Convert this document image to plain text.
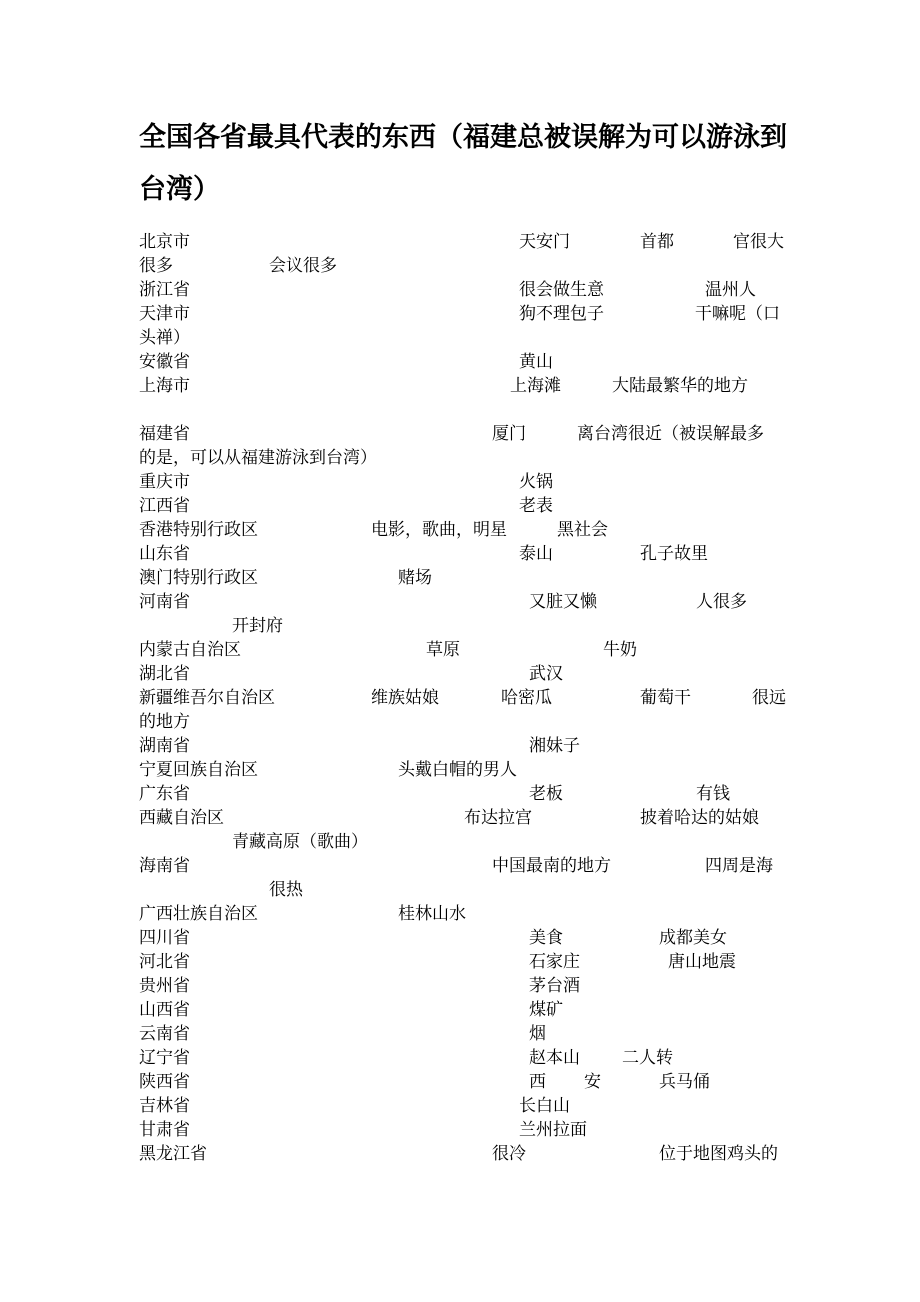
全国各省最具代表的东西（福建总被误解为可以游泳到台湾）
北京市	天安门	首都	官很大
很多	会议很多
浙江省	很会做生意	温州人
天津市	狗不理包子	干嘛呢（口
头禅）
安徽省	黄山
上海市	上海滩	大陆最繁华的地方
福建省	厦门	离台湾很近（被误解最多
的是，可以从福建游泳到台湾）
重庆市	火锅
江西省	老表
香港特别行政区	电影，歌曲，明星	黑社会
山东省	泰山	孔子故里
澳门特别行政区	赌场
河南省	又脏又懒	人很多
开封府
内蒙古自治区	草原	牛奶
湖北省	武汉
新疆维吾尔自治区	维族姑娘	哈密瓜	葡萄干	很远
的地方
湖南省	湘妹子
宁夏回族自治区	头戴白帽的男人
广东省	老板	有钱
西藏自治区	布达拉宫	披着哈达的姑娘
青藏高原（歌曲）
海南省	中国最南的地方	四周是海
很热
广西壮族自治区	桂林山水
四川省	美食	成都美女
河北省	石家庄	唐山地震
贵州省	茅台酒
山西省	煤矿
云南省	烟
辽宁省	赵本山 二人转
陕西省	西 安	兵马俑
吉林省	长白山
甘肃省	兰州拉面
黑龙江省	很冷	位于地图鸡头的
